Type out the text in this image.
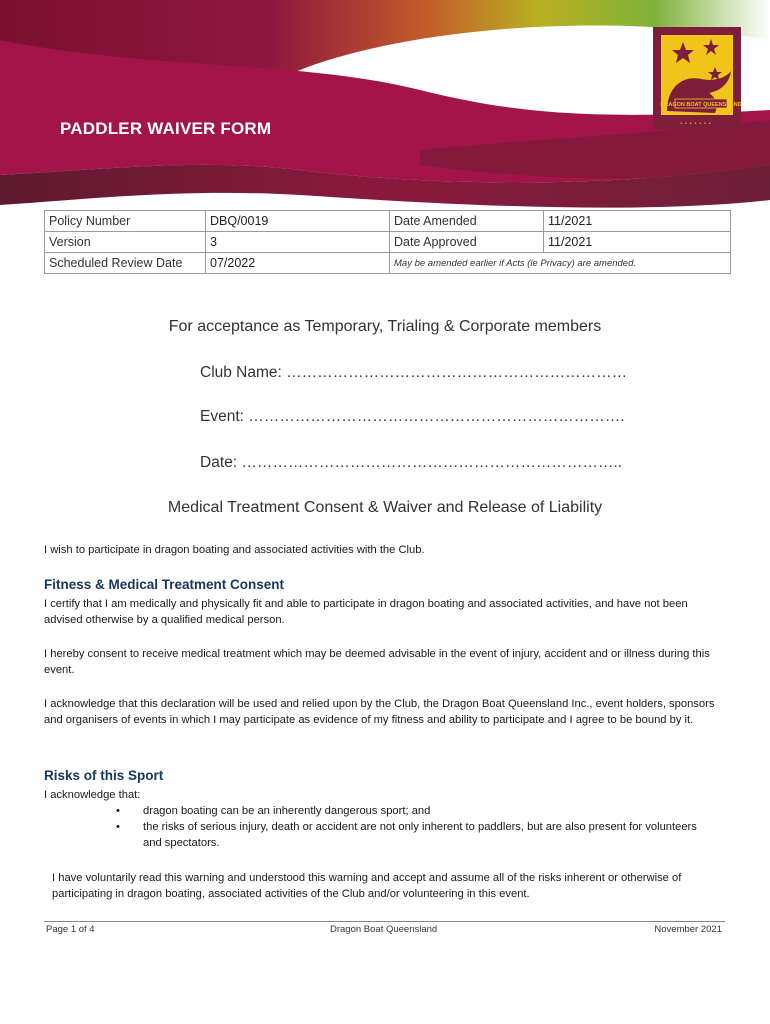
PADDLER WAIVER FORM
DRAGON BOAT QUEENSLAND
•••••••
Policy Number	DBQ/0019	Date Amended	11/2021
Version	3	Date Approved	11/2021
Scheduled Review Date	07/2022	May be amended earlier if Acts (ie Privacy) are amended.	
For acceptance as Temporary, Trialing & Corporate members
Club Name: …………………………………………………………
Event: ……………………………………………………………….
Date: ………………………………………………………………..
Medical Treatment Consent & Waiver and Release of Liability
I wish to participate in dragon boating and associated activities with the Club.
Fitness & Medical Treatment Consent
I certify that I am medically and physically fit and able to participate in dragon boating and associated activities, and have not been advised otherwise by a qualified medical person.
I hereby consent to receive medical treatment which may be deemed advisable in the event of injury, accident and or illness during this event.
I acknowledge that this declaration will be used and relied upon by the Club, the Dragon Boat Queensland Inc., event holders, sponsors and organisers of events in which I may participate as evidence of my fitness and ability to participate and I agree to be bound by it.
Risks of this Sport
I acknowledge that:
•	dragon boating can be an inherently dangerous sport; and
•	the risks of serious injury, death or accident are not only inherent to paddlers, but are also present for volunteers and spectators.
I have voluntarily read this warning and understood this warning and accept and assume all of the risks inherent or otherwise of participating in dragon boating, associated activities of the Club and/or volunteering in this event.
Page 1 of 4	Dragon Boat Queensland	November 2021
